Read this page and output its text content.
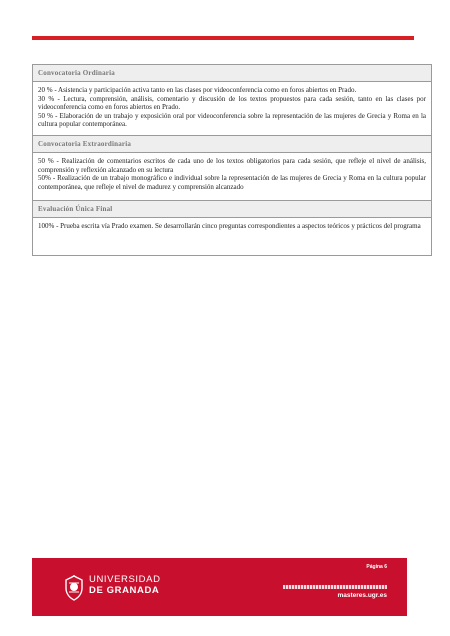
Convocatoria Ordinaria

20 % - Asistencia y participación activa tanto en las clases por videoconferencia como en foros abiertos en Prado.

30 % - Lectura, comprensión, análisis, comentario y discusión de los textos propuestos para cada sesión, tanto en las clases por videoconferencia como en foros abiertos en Prado.

50 % - Elaboración de un trabajo y exposición oral por videoconferencia sobre la representación de las mujeres de Grecia y Roma en la cultura popular contemporánea.

Convocatoria Extraordinaria

50 % - Realización de comentarios escritos de cada uno de los textos obligatorios para cada sesión, que refleje el nivel de análisis, comprensión y reflexión alcanzado en su lectura

50% - Realización de un trabajo monográfico e individual sobre la representación de las mujeres de Grecia y Roma en la cultura popular contemporánea, que refleje el nivel de madurez y comprensión alcanzado

Evaluación Única Final

100% - Prueba escrita vía Prado examen. Se desarrollarán cinco preguntas correspondientes a aspectos teóricos y prácticos del programa

UNIVERSIDAD
DE GRANADA
Página 6
masteres.ugr.es
